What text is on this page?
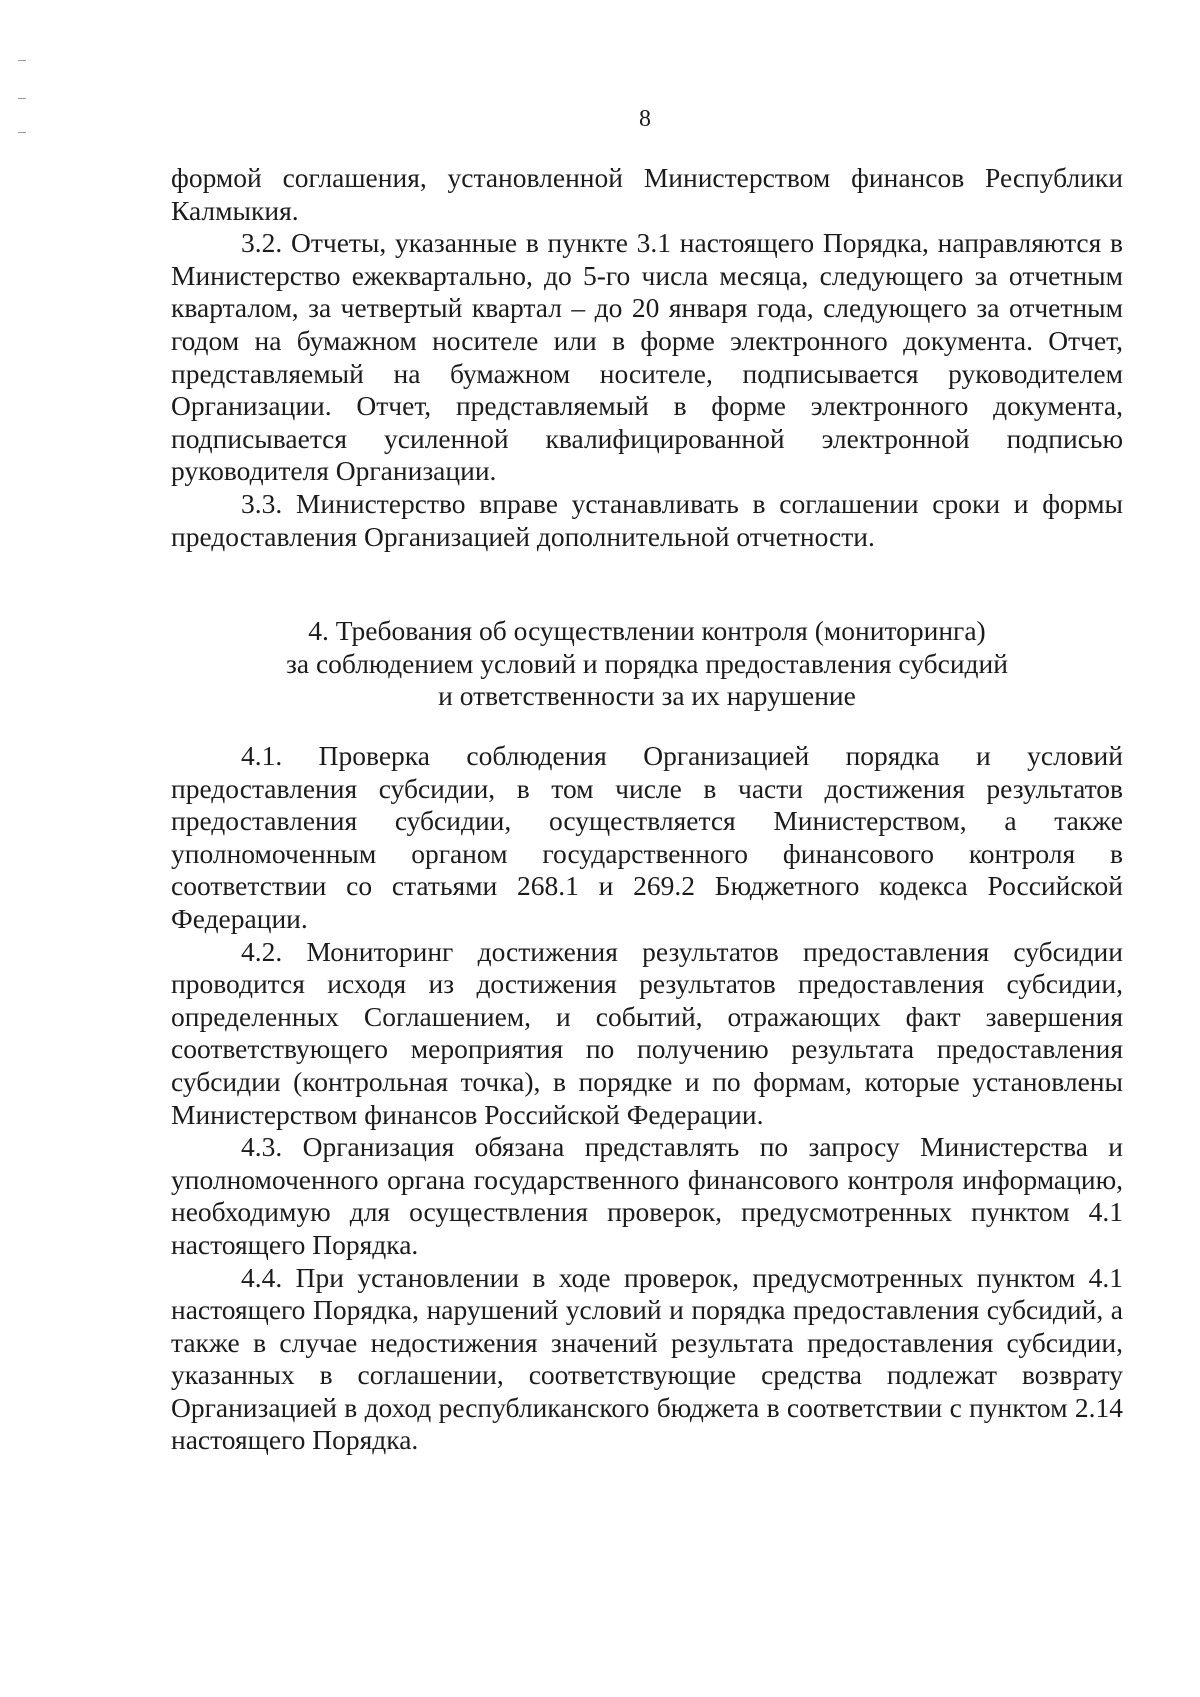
8

формой соглашения, установленной Министерством финансов Республики Калмыкия.

3.2. Отчеты, указанные в пункте 3.1 настоящего Порядка, направляются в Министерство ежеквартально, до 5-го числа месяца, следующего за отчетным кварталом, за четвертый квартал – до 20 января года, следующего за отчетным годом на бумажном носителе или в форме электронного документа. Отчет, представляемый на бумажном носителе, подписывается руководителем Организации. Отчет, представляемый в форме электронного документа, подписывается усиленной квалифицированной электронной подписью руководителя Организации.

3.3. Министерство вправе устанавливать в соглашении сроки и формы предоставления Организацией дополнительной отчетности.

4. Требования об осуществлении контроля (мониторинга)

за соблюдением условий и порядка предоставления субсидий

и ответственности за их нарушение

4.1. Проверка соблюдения Организацией порядка и условий предоставления субсидии, в том числе в части достижения результатов предоставления субсидии, осуществляется Министерством, а также уполномоченным органом государственного финансового контроля в соответствии со статьями 268.1 и 269.2 Бюджетного кодекса Российской Федерации.

4.2. Мониторинг достижения результатов предоставления субсидии проводится исходя из достижения результатов предоставления субсидии, определенных Соглашением, и событий, отражающих факт завершения соответствующего мероприятия по получению результата предоставления субсидии (контрольная точка), в порядке и по формам, которые установлены Министерством финансов Российской Федерации.

4.3. Организация обязана представлять по запросу Министерства и уполномоченного органа государственного финансового контроля информацию, необходимую для осуществления проверок, предусмотренных пунктом 4.1 настоящего Порядка.

4.4. При установлении в ходе проверок, предусмотренных пунктом 4.1 настоящего Порядка, нарушений условий и порядка предоставления субсидий, а также в случае недостижения значений результата предоставления субсидии, указанных в соглашении, соответствующие средства подлежат возврату Организацией в доход республиканского бюджета в соответствии с пунктом 2.14 настоящего Порядка.
